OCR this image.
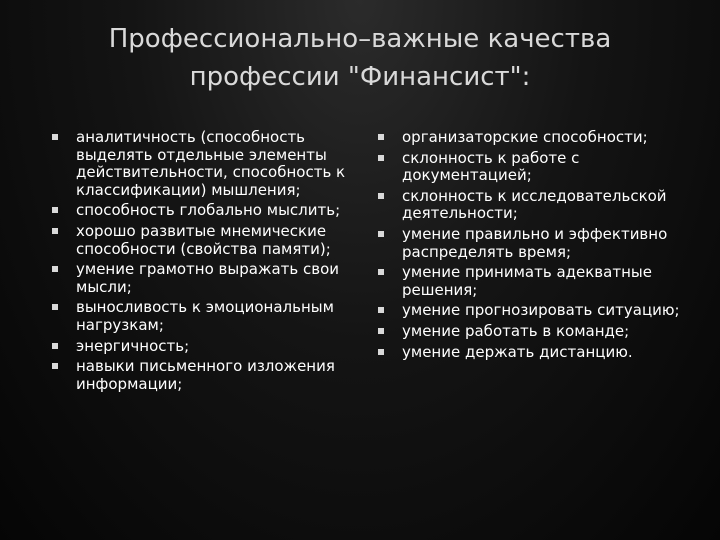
Профессионально–важные качества
профессии "Финансист":
аналитичность (способность выделять отдельные элементы действительности, способность к классификации) мышления;
способность глобально мыслить;
хорошо развитые мнемические способности (свойства памяти);
умение грамотно выражать свои мысли;
выносливость к эмоциональным нагрузкам;
энергичность;
навыки письменного изложения информации;
организаторские способности;
склонность к работе с документацией;
склонность к исследовательской деятельности;
умение правильно и эффективно распределять время;
умение принимать адекватные решения;
умение прогнозировать ситуацию;
умение работать в команде;
умение держать дистанцию.
